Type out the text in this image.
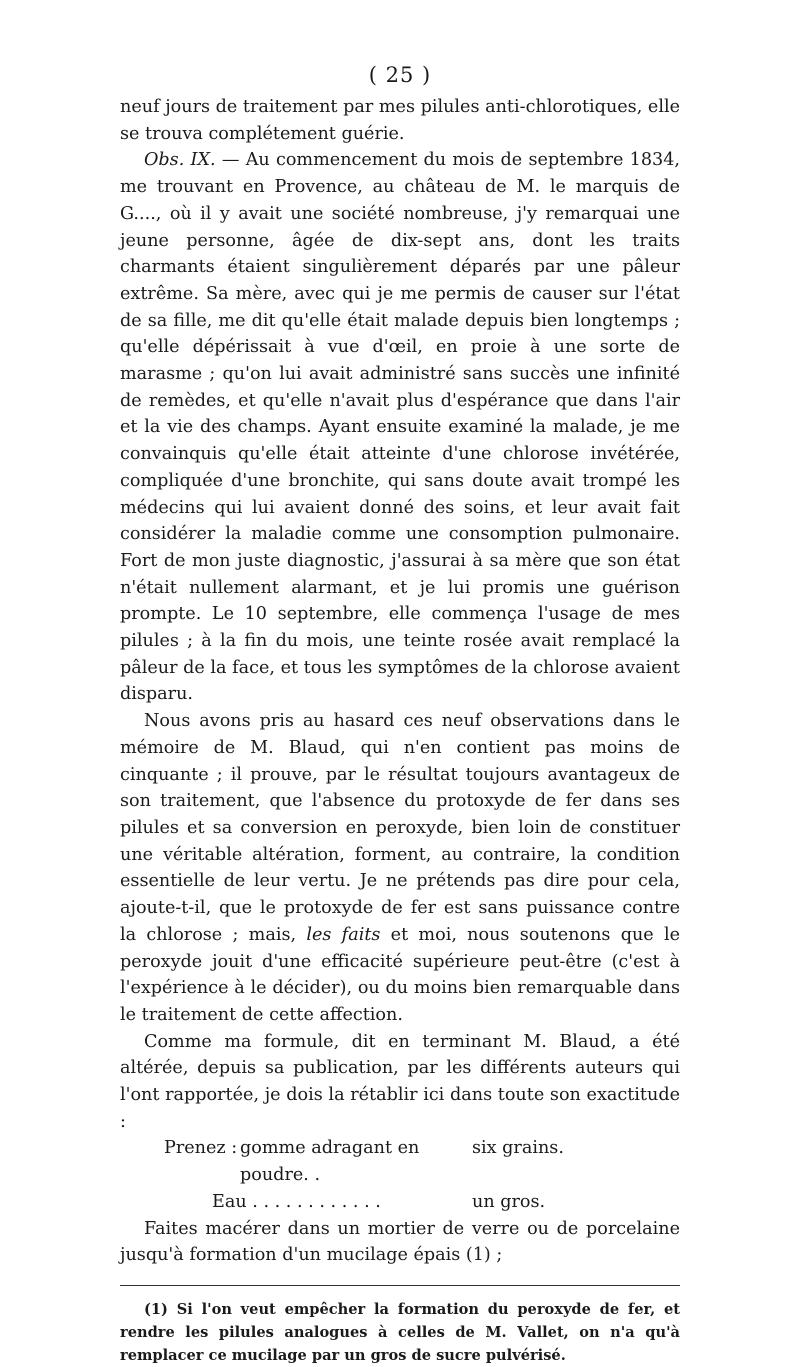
( 25 )

neuf jours de traitement par mes pilules anti-chlorotiques, elle se trouva complétement guérie.

Obs. IX. — Au commencement du mois de septembre 1834, me trouvant en Provence, au château de M. le marquis de G...., où il y avait une société nombreuse, j'y remarquai une jeune personne, âgée de dix-sept ans, dont les traits charmants étaient singulièrement déparés par une pâleur extrême. Sa mère, avec qui je me permis de causer sur l'état de sa fille, me dit qu'elle était malade depuis bien longtemps ; qu'elle dépérissait à vue d'œil, en proie à une sorte de marasme ; qu'on lui avait administré sans succès une infinité de remèdes, et qu'elle n'avait plus d'espérance que dans l'air et la vie des champs. Ayant ensuite examiné la malade, je me convainquis qu'elle était atteinte d'une chlorose invétérée, compliquée d'une bronchite, qui sans doute avait trompé les médecins qui lui avaient donné des soins, et leur avait fait considérer la maladie comme une consomption pulmonaire. Fort de mon juste diagnostic, j'assurai à sa mère que son état n'était nullement alarmant, et je lui promis une guérison prompte. Le 10 septembre, elle commença l'usage de mes pilules ; à la fin du mois, une teinte rosée avait remplacé la pâleur de la face, et tous les symptômes de la chlorose avaient disparu.

Nous avons pris au hasard ces neuf observations dans le mémoire de M. Blaud, qui n'en contient pas moins de cinquante ; il prouve, par le résultat toujours avantageux de son traitement, que l'absence du protoxyde de fer dans ses pilules et sa conversion en peroxyde, bien loin de constituer une véritable altération, forment, au contraire, la condition essentielle de leur vertu. Je ne prétends pas dire pour cela, ajoute-t-il, que le protoxyde de fer est sans puissance contre la chlorose ; mais, les faits et moi, nous soutenons que le peroxyde jouit d'une efficacité supérieure peut-être (c'est à l'expérience à le décider), ou du moins bien remarquable dans le traitement de cette affection.

Comme ma formule, dit en terminant M. Blaud, a été altérée, depuis sa publication, par les différents auteurs qui l'ont rapportée, je dois la rétablir ici dans toute son exactitude :

Prenez : gomme adragant en poudre. .
six grains.
Eau . . . . . . . . . . . .	un gros.

Faites macérer dans un mortier de verre ou de porcelaine jusqu'à formation d'un mucilage épais (1) ;

(1) Si l'on veut empêcher la formation du peroxyde de fer, et rendre les pilules analogues à celles de M. Vallet, on n'a qu'à remplacer ce mucilage par un gros de sucre pulvérisé.
